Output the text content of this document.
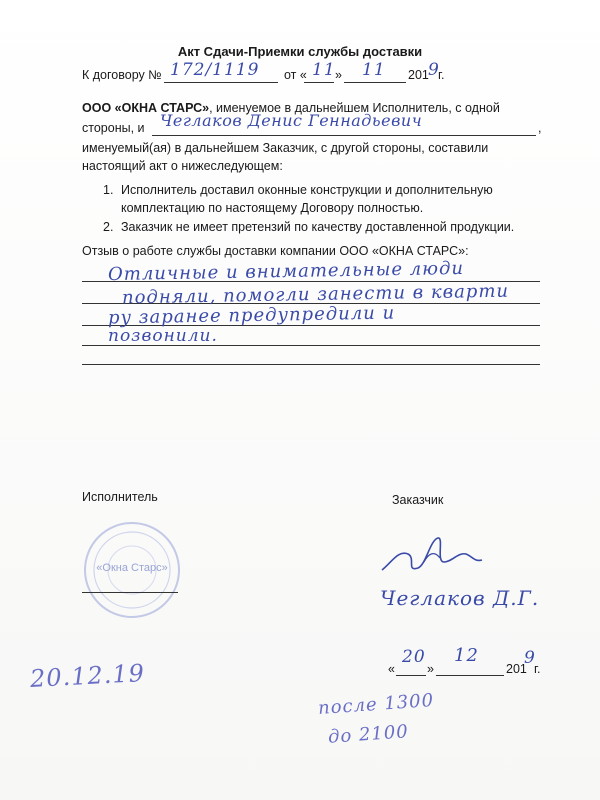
Акт Сдачи-Приемки службы доставки
К договору № 172/1119 от « 11 » 11 201 9
г.
ООО «ОКНА СТАРС», именуемое в дальнейшем Исполнитель, с одной
стороны, и Чеглаков Денис Геннадьевич	,
именуемый(ая) в дальнейшем Заказчик, с другой стороны, составили
настоящий акт о нижеследующем:
1. Исполнитель доставил оконные конструкции и дополнительную
комплектацию по настоящему Договору полностью.
2. Заказчик не имеет претензий по качеству доставленной продукции.
Отзыв о работе службы доставки компании ООО «ОКНА СТАРС»:
Отличные и внимательные люди
подняли, помогли занести в кварти
ру заранее предупредили и
позвонили.
Исполнитель	Заказчик
«Окна Старс»
Чеглаков Д.Г.
«
20
»
12
201
9
г.
20.12.19
после 1300
до 2100
